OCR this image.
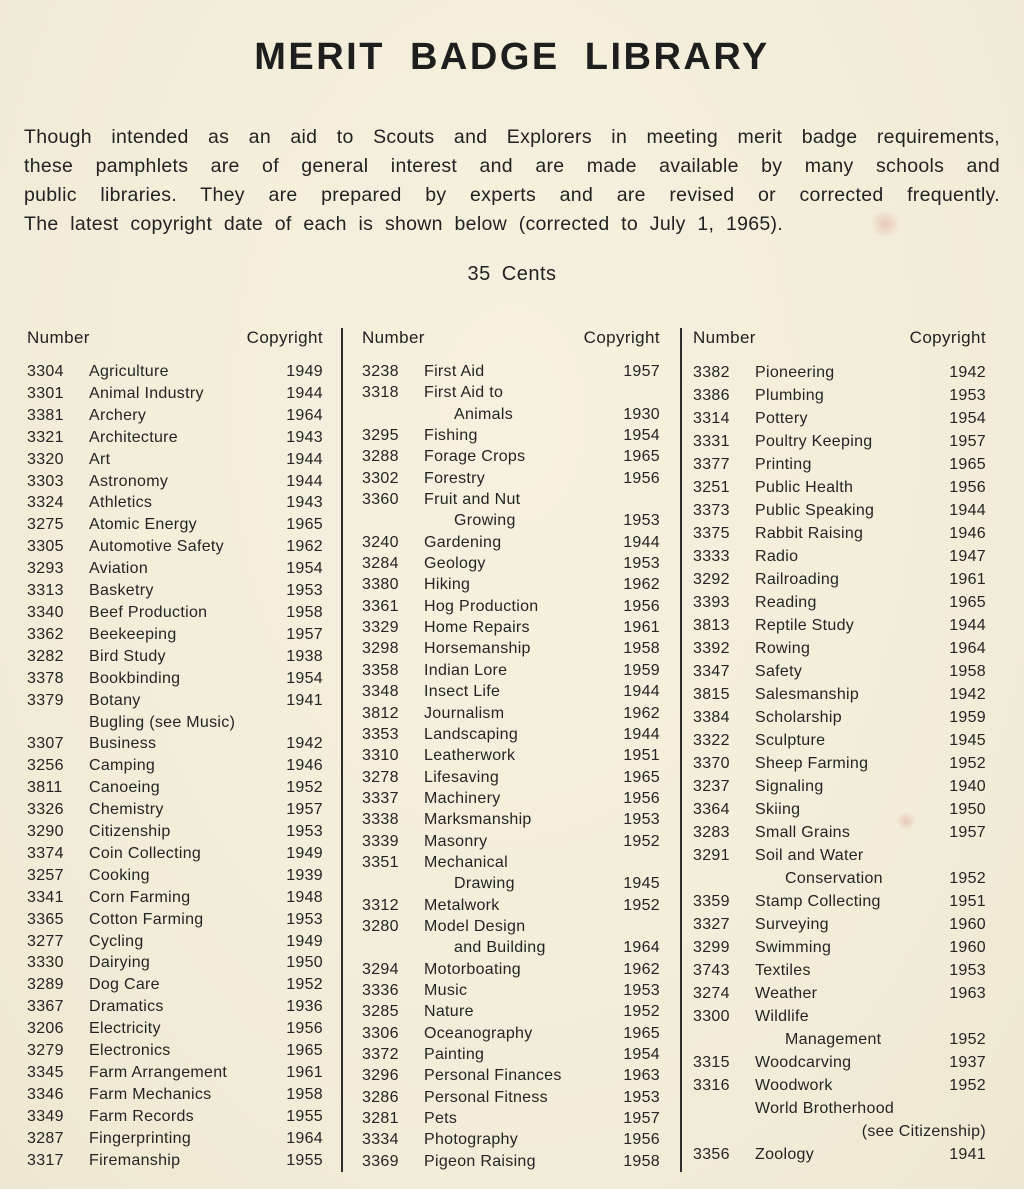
MERIT BADGE LIBRARY
Though intended as an aid to Scouts and Explorers in meeting merit badge requirements,
these pamphlets are of general interest and are made available by many schools and
public libraries. They are prepared by experts and are revised or corrected frequently.
The latest copyright date of each is shown below (corrected to July 1, 1965).
35 Cents
Number	Copyright
3304	Agriculture	1949
3301	Animal Industry	1944
3381	Archery	1964
3321	Architecture	1943
3320	Art	1944
3303	Astronomy	1944
3324	Athletics	1943
3275	Atomic Energy	1965
3305	Automotive Safety	1962
3293	Aviation	1954
3313	Basketry	1953
3340	Beef Production	1958
3362	Beekeeping	1957
3282	Bird Study	1938
3378	Bookbinding	1954
3379	Botany	1941
Bugling (see Music)
3307	Business	1942
3256	Camping	1946
3811	Canoeing	1952
3326	Chemistry	1957
3290	Citizenship	1953
3374	Coin Collecting	1949
3257	Cooking	1939
3341	Corn Farming	1948
3365	Cotton Farming	1953
3277	Cycling	1949
3330	Dairying	1950
3289	Dog Care	1952
3367	Dramatics	1936
3206	Electricity	1956
3279	Electronics	1965
3345	Farm Arrangement	1961
3346	Farm Mechanics	1958
3349	Farm Records	1955
3287	Fingerprinting	1964
3317	Firemanship	1955
Number	Copyright
3238	First Aid	1957
3318	First Aid to
Animals	1930
3295	Fishing	1954
3288	Forage Crops	1965
3302	Forestry	1956
3360	Fruit and Nut
Growing	1953
3240	Gardening	1944
3284	Geology	1953
3380	Hiking	1962
3361	Hog Production	1956
3329	Home Repairs	1961
3298	Horsemanship	1958
3358	Indian Lore	1959
3348	Insect Life	1944
3812	Journalism	1962
3353	Landscaping	1944
3310	Leatherwork	1951
3278	Lifesaving	1965
3337	Machinery	1956
3338	Marksmanship	1953
3339	Masonry	1952
3351	Mechanical
Drawing	1945
3312	Metalwork	1952
3280	Model Design
and Building	1964
3294	Motorboating	1962
3336	Music	1953
3285	Nature	1952
3306	Oceanography	1965
3372	Painting	1954
3296	Personal Finances	1963
3286	Personal Fitness	1953
3281	Pets	1957
3334	Photography	1956
3369	Pigeon Raising	1958
Number	Copyright
3382	Pioneering	1942
3386	Plumbing	1953
3314	Pottery	1954
3331	Poultry Keeping	1957
3377	Printing	1965
3251	Public Health	1956
3373	Public Speaking	1944
3375	Rabbit Raising	1946
3333	Radio	1947
3292	Railroading	1961
3393	Reading	1965
3813	Reptile Study	1944
3392	Rowing	1964
3347	Safety	1958
3815	Salesmanship	1942
3384	Scholarship	1959
3322	Sculpture	1945
3370	Sheep Farming	1952
3237	Signaling	1940
3364	Skiing	1950
3283	Small Grains	1957
3291	Soil and Water
Conservation	1952
3359	Stamp Collecting	1951
3327	Surveying	1960
3299	Swimming	1960
3743	Textiles	1953
3274	Weather	1963
3300	Wildlife
Management	1952
3315	Woodcarving	1937
3316	Woodwork	1952
World Brotherhood
(see Citizenship)
3356	Zoology	1941
